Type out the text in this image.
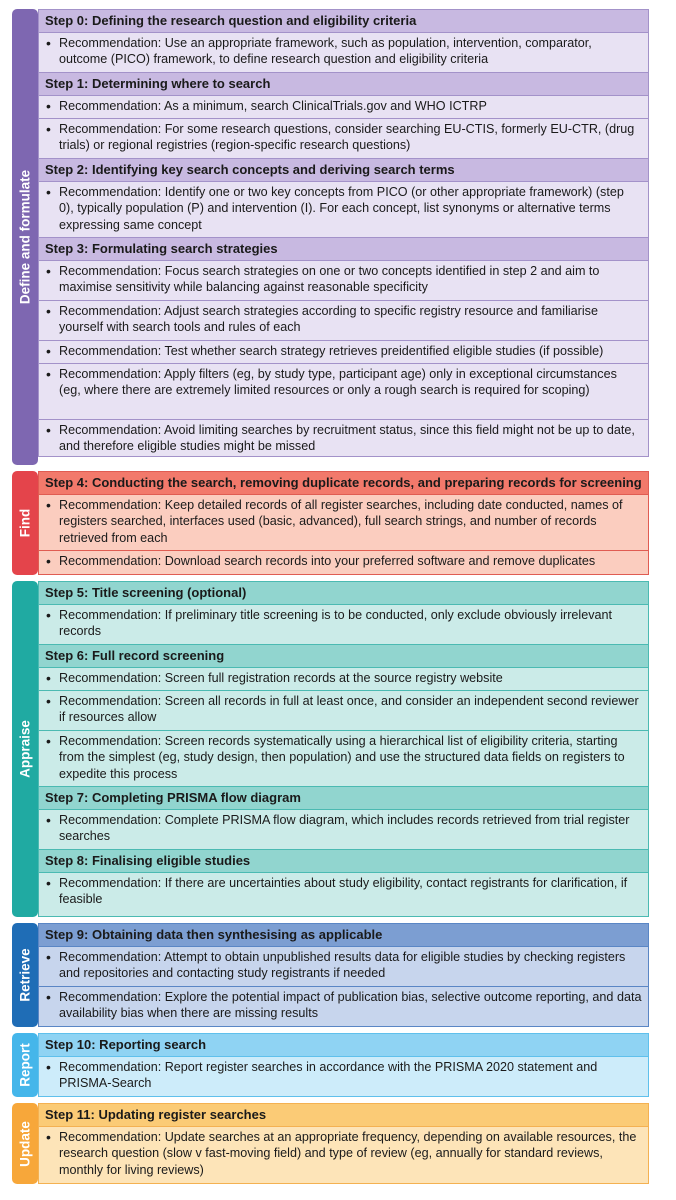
Define and formulate
Step 0: Defining the research question and eligibility criteria
• Recommendation: Use an appropriate framework, such as population, intervention, comparator, outcome (PICO) framework, to define research question and eligibility criteria
Step 1: Determining where to search
• Recommendation: As a minimum, search ClinicalTrials.gov and WHO ICTRP
• Recommendation: For some research questions, consider searching EU-CTIS, formerly EU-CTR, (drug trials) or regional registries (region-specific research questions)
Step 2: Identifying key search concepts and deriving search terms
• Recommendation: Identify one or two key concepts from PICO (or other appropriate framework) (step 0), typically population (P) and intervention (I). For each concept, list synonyms or alternative terms expressing same concept
Step 3: Formulating search strategies
• Recommendation: Focus search strategies on one or two concepts identified in step 2 and aim to maximise sensitivity while balancing against reasonable specificity
• Recommendation: Adjust search strategies according to specific registry resource and familiarise yourself with search tools and rules of each
• Recommendation: Test whether search strategy retrieves preidentified eligible studies (if possible)
• Recommendation: Apply filters (eg, by study type, participant age) only in exceptional circumstances (eg, where there are extremely limited resources or only a rough search is required for scoping)
• Recommendation: Avoid limiting searches by recruitment status, since this field might not be up to date, and therefore eligible studies might be missed
Find
Step 4: Conducting the search, removing duplicate records, and preparing records for screening
• Recommendation: Keep detailed records of all register searches, including date conducted, names of registers searched, interfaces used (basic, advanced), full search strings, and number of records retrieved from each
• Recommendation: Download search records into your preferred software and remove duplicates
Appraise
Step 5: Title screening (optional)
• Recommendation: If preliminary title screening is to be conducted, only exclude obviously irrelevant records
Step 6: Full record screening
• Recommendation: Screen full registration records at the source registry website
• Recommendation: Screen all records in full at least once, and consider an independent second reviewer if resources allow
• Recommendation: Screen records systematically using a hierarchical list of eligibility criteria, starting from the simplest (eg, study design, then population) and use the structured data fields on registers to expedite this process
Step 7: Completing PRISMA flow diagram
• Recommendation: Complete PRISMA flow diagram, which includes records retrieved from trial register searches
Step 8: Finalising eligible studies
• Recommendation: If there are uncertainties about study eligibility, contact registrants for clarification, if feasible
Retrieve
Step 9: Obtaining data then synthesising as applicable
• Recommendation: Attempt to obtain unpublished results data for eligible studies by checking registers and repositories and contacting study registrants if needed
• Recommendation: Explore the potential impact of publication bias, selective outcome reporting, and data availability bias when there are missing results
Report Step 10: Reporting search
• Recommendation: Report register searches in accordance with the PRISMA 2020 statement and PRISMA-Search
Update
Step 11: Updating register searches
• Recommendation: Update searches at an appropriate frequency, depending on available resources, the research question (slow v fast-moving field) and type of review (eg, annually for standard reviews, monthly for living reviews)
